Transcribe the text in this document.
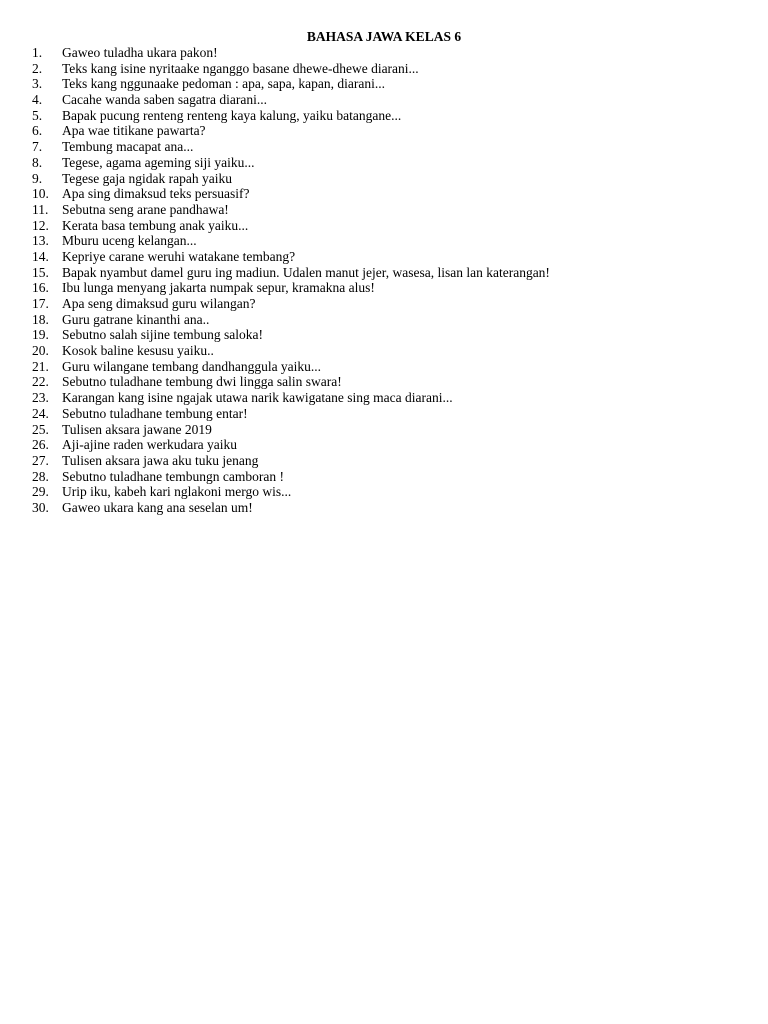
BAHASA JAWA KELAS 6
1.	Gaweo tuladha ukara pakon!
2.	Teks kang isine nyritaake nganggo basane dhewe-dhewe diarani...
3.	Teks kang nggunaake pedoman : apa, sapa, kapan, diarani...
4.	Cacahe wanda saben sagatra diarani...
5.	Bapak pucung renteng renteng kaya kalung, yaiku batangane...
6.	Apa wae titikane pawarta?
7.	Tembung macapat ana...
8.	Tegese, agama ageming siji yaiku...
9.	Tegese gaja ngidak rapah yaiku
10. Apa sing dimaksud teks persuasif?
11.	Sebutna seng arane pandhawa!
12. Kerata basa tembung anak yaiku...
13. Mburu uceng kelangan...
14. Kepriye carane weruhi watakane tembang?
15. Bapak nyambut damel guru ing madiun. Udalen manut jejer, wasesa, lisan lan katerangan!
16. Ibu lunga menyang jakarta numpak sepur, kramakna alus!
17. Apa seng dimaksud guru wilangan?
18. Guru gatrane kinanthi ana..
19. Sebutno salah sijine tembung saloka!
20. Kosok baline kesusu yaiku..
21. Guru wilangane tembang dandhanggula yaiku...
22. Sebutno tuladhane tembung dwi lingga salin swara!
23. Karangan kang isine ngajak utawa narik kawigatane sing maca diarani...
24. Sebutno tuladhane tembung entar!
25. Tulisen aksara jawane 2019
26. Aji-ajine raden werkudara yaiku
27. Tulisen aksara jawa aku tuku jenang
28. Sebutno tuladhane tembungn camboran !
29. Urip iku, kabeh kari nglakoni mergo wis...
30. Gaweo ukara kang ana seselan um!
